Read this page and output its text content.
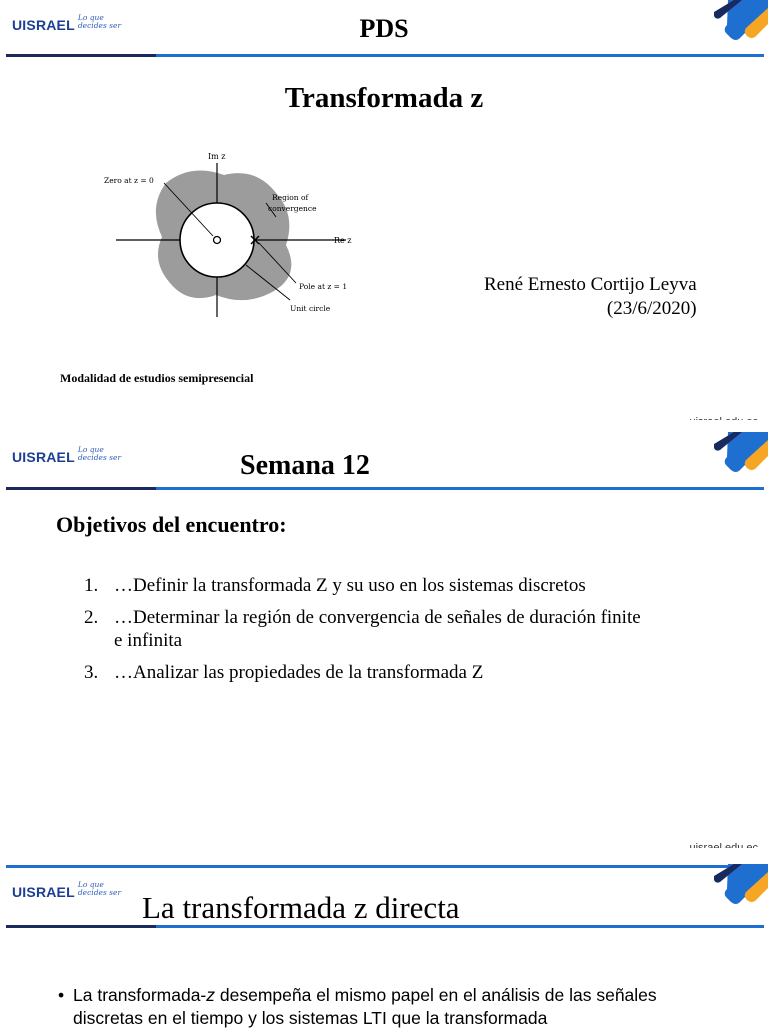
UISRAEL Lo que decides ser	PDS
Transformada z
Im z
Re z
Zero at z = 0
Region of
convergence
Pole at z = 1
Unit circle
René Ernesto Cortijo Leyva
(23/6/2020)
Modalidad de estudios semipresencial
UISRAEL Lo que decides ser	Semana 12
Objetivos del encuentro:
1. …Definir la transformada Z y su uso en los sistemas discretos
2. …Determinar la región de convergencia de señales de duración finite e infinita
3. …Analizar las propiedades de la transformada Z
UISRAEL Lo que decides ser La transformada z directa
• La transformada-z desempeña el mismo papel en el análisis de las señales discretas en el tiempo y los sistemas LTI que la transformada
